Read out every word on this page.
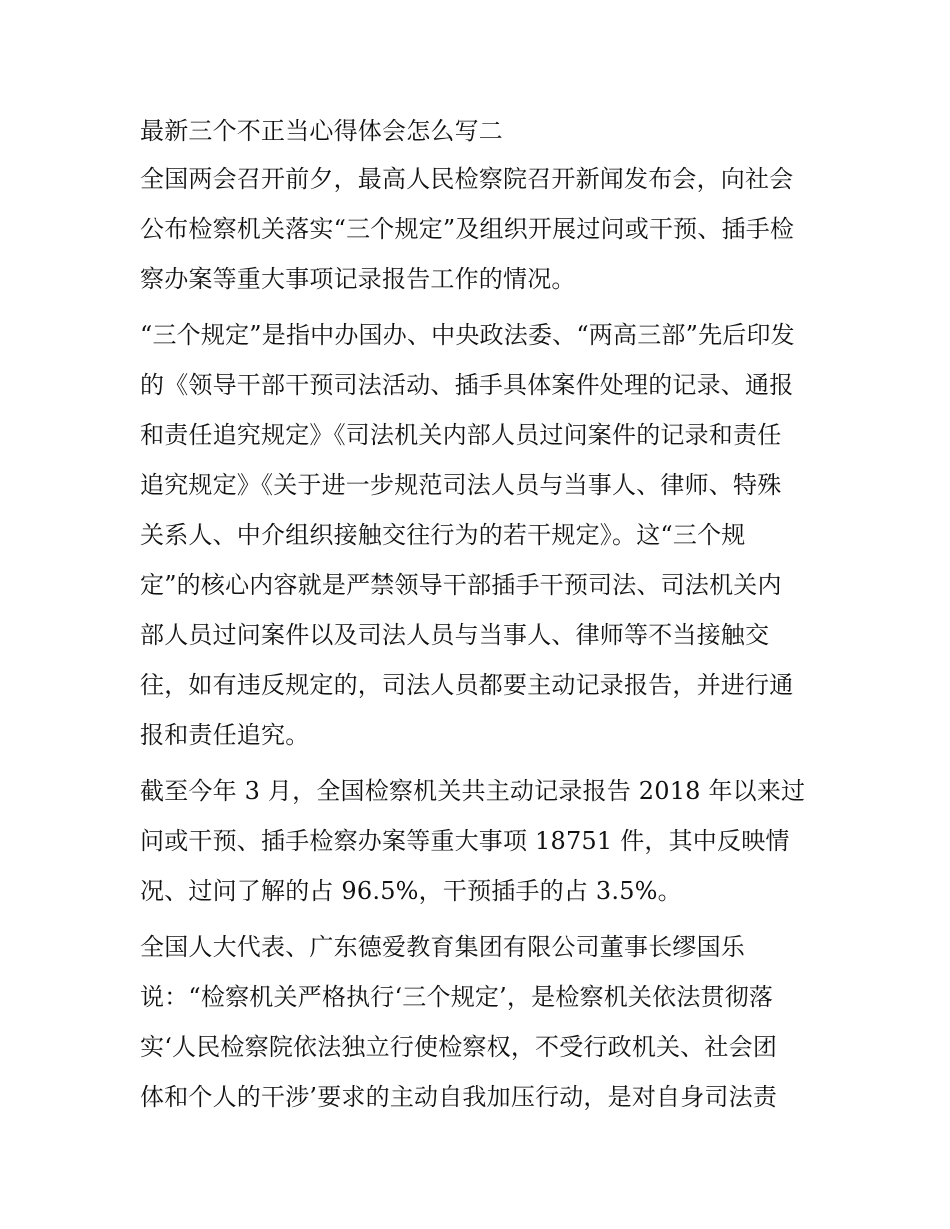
最新三个不正当心得体会怎么写二
全国两会召开前夕，最高人民检察院召开新闻发布会，向社会
公布检察机关落实“三个规定”及组织开展过问或干预、插手检
察办案等重大事项记录报告工作的情况。
“三个规定”是指中办国办、中央政法委、“两高三部”先后印发
的《领导干部干预司法活动、插手具体案件处理的记录、通报
和责任追究规定》《司法机关内部人员过问案件的记录和责任
追究规定》《关于进一步规范司法人员与当事人、律师、特殊
关系人、中介组织接触交往行为的若干规定》。这“三个规
定”的核心内容就是严禁领导干部插手干预司法、司法机关内
部人员过问案件以及司法人员与当事人、律师等不当接触交
往，如有违反规定的，司法人员都要主动记录报告，并进行通
报和责任追究。
截至今年 3 月，全国检察机关共主动记录报告 2018 年以来过
问或干预、插手检察办案等重大事项 18751 件，其中反映情
况、过问了解的占 96.5%，干预插手的占 3.5%。
全国人大代表、广东德爱教育集团有限公司董事长缪国乐
说：“检察机关严格执行‘三个规定’，是检察机关依法贯彻落
实‘人民检察院依法独立行使检察权，不受行政机关、社会团
体和个人的干涉’要求的主动自我加压行动，是对自身司法责
